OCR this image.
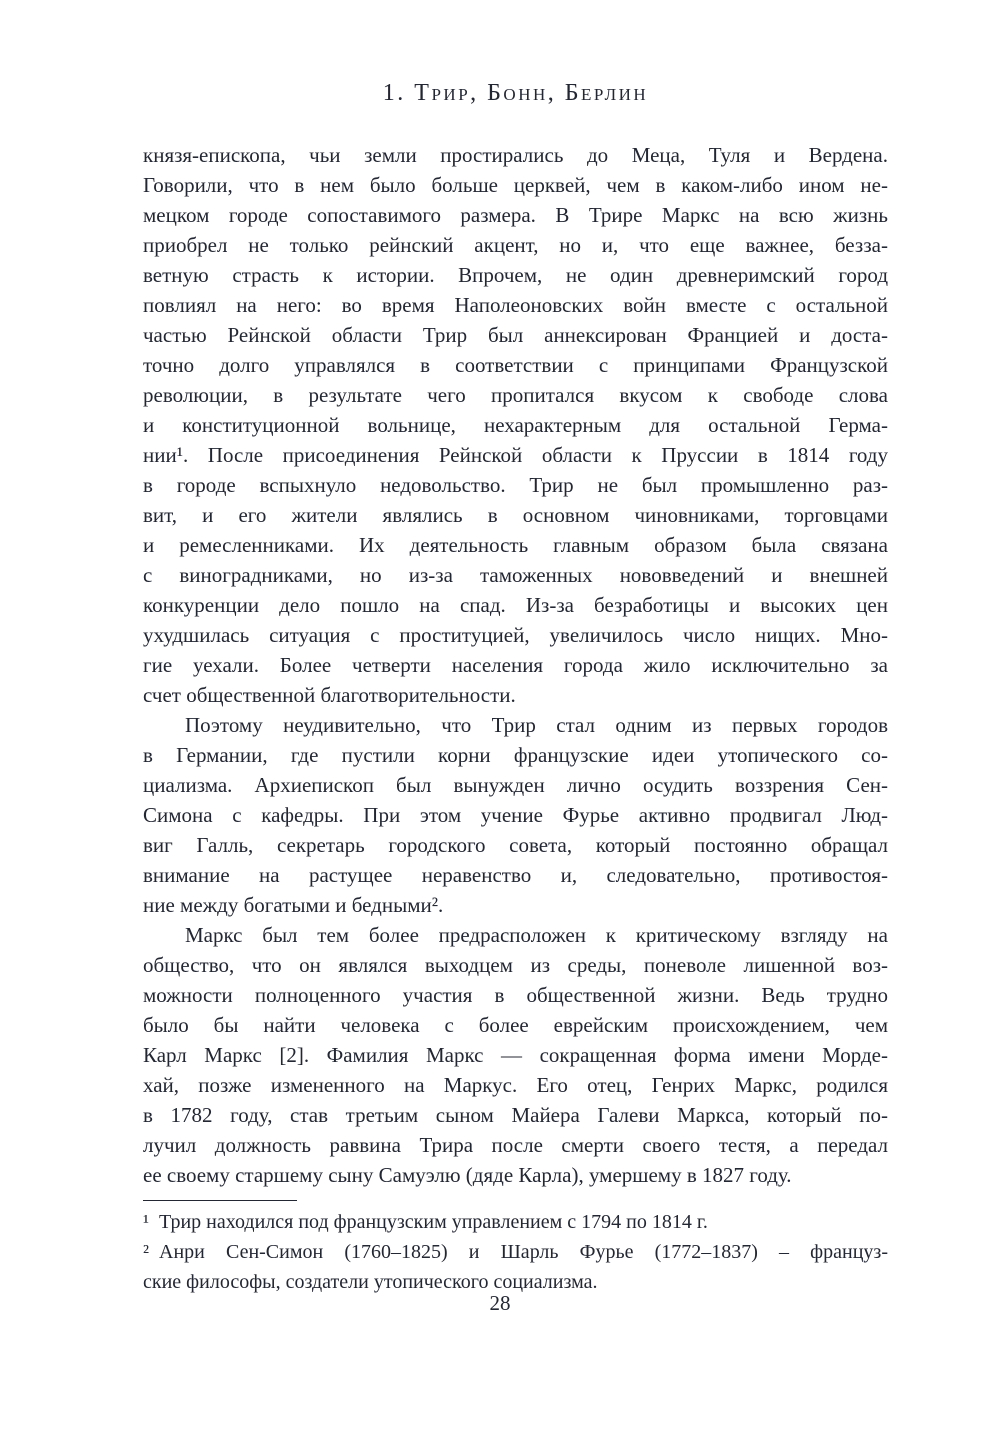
1. Трир, Бонн, Берлин
князя-епископа, чьи земли простирались до Меца, Туля и Вердена.
Говорили, что в нем было больше церквей, чем в каком-либо ином не-
мецком городе сопоставимого размера. В Трире Маркс на всю жизнь
приобрел не только рейнский акцент, но и, что еще важнее, безза-
ветную страсть к истории. Впрочем, не один древнеримский город
повлиял на него: во время Наполеоновских войн вместе с остальной
частью Рейнской области Трир был аннексирован Францией и доста-
точно долго управлялся в соответствии с принципами Французской
революции, в результате чего пропитался вкусом к свободе слова
и конституционной вольнице, нехарактерным для остальной Герма-
нии¹. После присоединения Рейнской области к Пруссии в 1814 году
в городе вспыхнуло недовольство. Трир не был промышленно раз-
вит, и его жители являлись в основном чиновниками, торговцами
и ремесленниками. Их деятельность главным образом была связана
с виноградниками, но из-за таможенных нововведений и внешней
конкуренции дело пошло на спад. Из-за безработицы и высоких цен
ухудшилась ситуация с проституцией, увеличилось число нищих. Мно-
гие уехали. Более четверти населения города жило исключительно за
счет общественной благотворительности.
Поэтому неудивительно, что Трир стал одним из первых городов
в Германии, где пустили корни французские идеи утопического со-
циализма. Архиепископ был вынужден лично осудить воззрения Сен-
Симона с кафедры. При этом учение Фурье активно продвигал Люд-
виг Галль, секретарь городского совета, который постоянно обращал
внимание на растущее неравенство и, следовательно, противостоя-
ние между богатыми и бедными².
Маркс был тем более предрасположен к критическому взгляду на
общество, что он являлся выходцем из среды, поневоле лишенной воз-
можности полноценного участия в общественной жизни. Ведь трудно
было бы найти человека с более еврейским происхождением, чем
Карл Маркс [2]. Фамилия Маркс — сокращенная форма имени Морде-
хай, позже измененного на Маркус. Его отец, Генрих Маркс, родился
в 1782 году, став третьим сыном Майера Галеви Маркса, который по-
лучил должность раввина Трира после смерти своего тестя, а передал
ее своему старшему сыну Самуэлю (дяде Карла), умершему в 1827 году.
¹ Трир находился под французским управлением с 1794 по 1814 г.
² Анри Сен-Симон (1760–1825) и Шарль Фурье (1772–1837) – француз-
ские философы, создатели утопического социализма.
28
